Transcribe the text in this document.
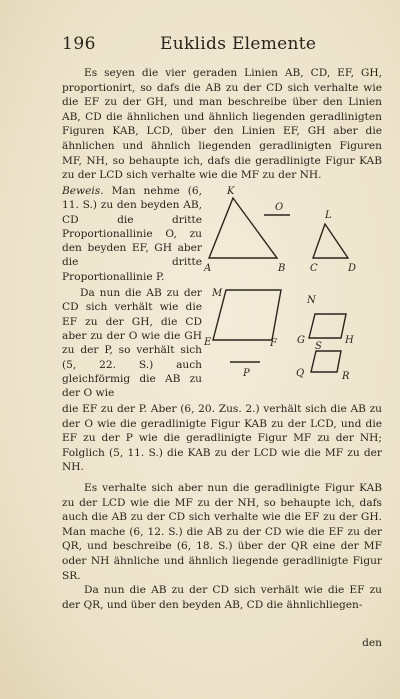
196	Euklids Elemente

Es seyen die vier geraden Linien AB, CD, EF, GH, proportionirt, so dafs die AB zu der CD sich verhalte wie die EF zu der GH, und man beschreibe über den Linien AB, CD die ähnlichen und ähnlich liegenden geradlinigten Figuren KAB, LCD, über den Linien EF, GH aber die ähnlichen und ähnlich liegenden geradlinigten Figuren MF, NH, so behaupte ich, dafs die geradlinigte Figur KAB zu der LCD sich verhalte wie die MF zu der NH.

Beweis. Man nehme (6, 11. S.) zu den beyden AB, CD die dritte Proportionallinie O, zu den beyden EF, GH aber die dritte Proportionallinie P.

Da nun die AB zu der CD sich verhält wie die EF zu der GH, die CD aber zu der O wie die GH zu der P, so verhält sich (5, 22. S.) auch gleichförmig die AB zu der O wie

die EF zu der P. Aber (6, 20. Zus. 2.) verhält sich die AB zu der O wie die geradlinigte Figur KAB zu der LCD, und die EF zu der P wie die geradlinigte Figur MF zu der NH; Folglich (5, 11. S.) die KAB zu der LCD wie die MF zu der NH.

Es verhalte sich aber nun die geradlinigte Figur KAB zu der LCD wie die MF zu der NH, so behaupte ich, dafs auch die AB zu der CD sich verhalte wie die EF zu der GH. Man mache (6, 12. S.) die AB zu der CD wie die EF zu der QR, und beschreibe (6, 18. S.) über der QR eine der MF oder NH ähnliche und ähnlich liegende geradlinigte Figur SR.

Da nun die AB zu der CD sich verhält wie die EF zu der QR, und über den beyden AB, CD die ähnlichliegen-

den
K
A	B
O
L
C	D
M
N
E	F G	H
P	Q	R
S
